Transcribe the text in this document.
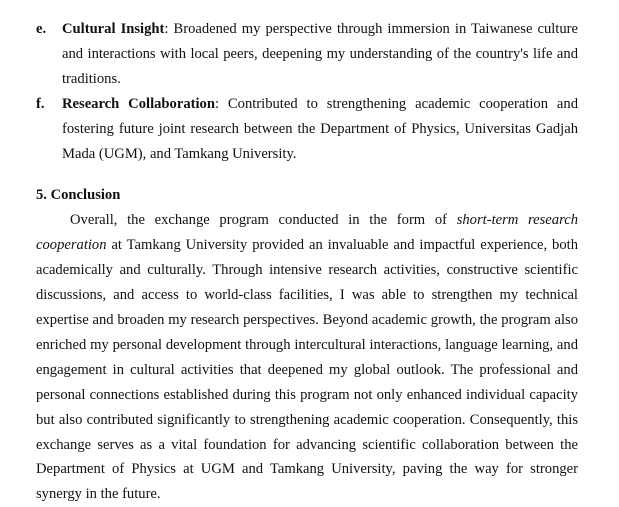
e. Cultural Insight: Broadened my perspective through immersion in Taiwanese culture and interactions with local peers, deepening my understanding of the country's life and traditions.
f. Research Collaboration: Contributed to strengthening academic cooperation and fostering future joint research between the Department of Physics, Universitas Gadjah Mada (UGM), and Tamkang University.
5. Conclusion

Overall, the exchange program conducted in the form of short-term research cooperation at Tamkang University provided an invaluable and impactful experience, both academically and culturally. Through intensive research activities, constructive scientific discussions, and access to world-class facilities, I was able to strengthen my technical expertise and broaden my research perspectives. Beyond academic growth, the program also enriched my personal development through intercultural interactions, language learning, and engagement in cultural activities that deepened my global outlook. The professional and personal connections established during this program not only enhanced individual capacity but also contributed significantly to strengthening academic cooperation. Consequently, this exchange serves as a vital foundation for advancing scientific collaboration between the Department of Physics at UGM and Tamkang University, paving the way for stronger synergy in the future.
